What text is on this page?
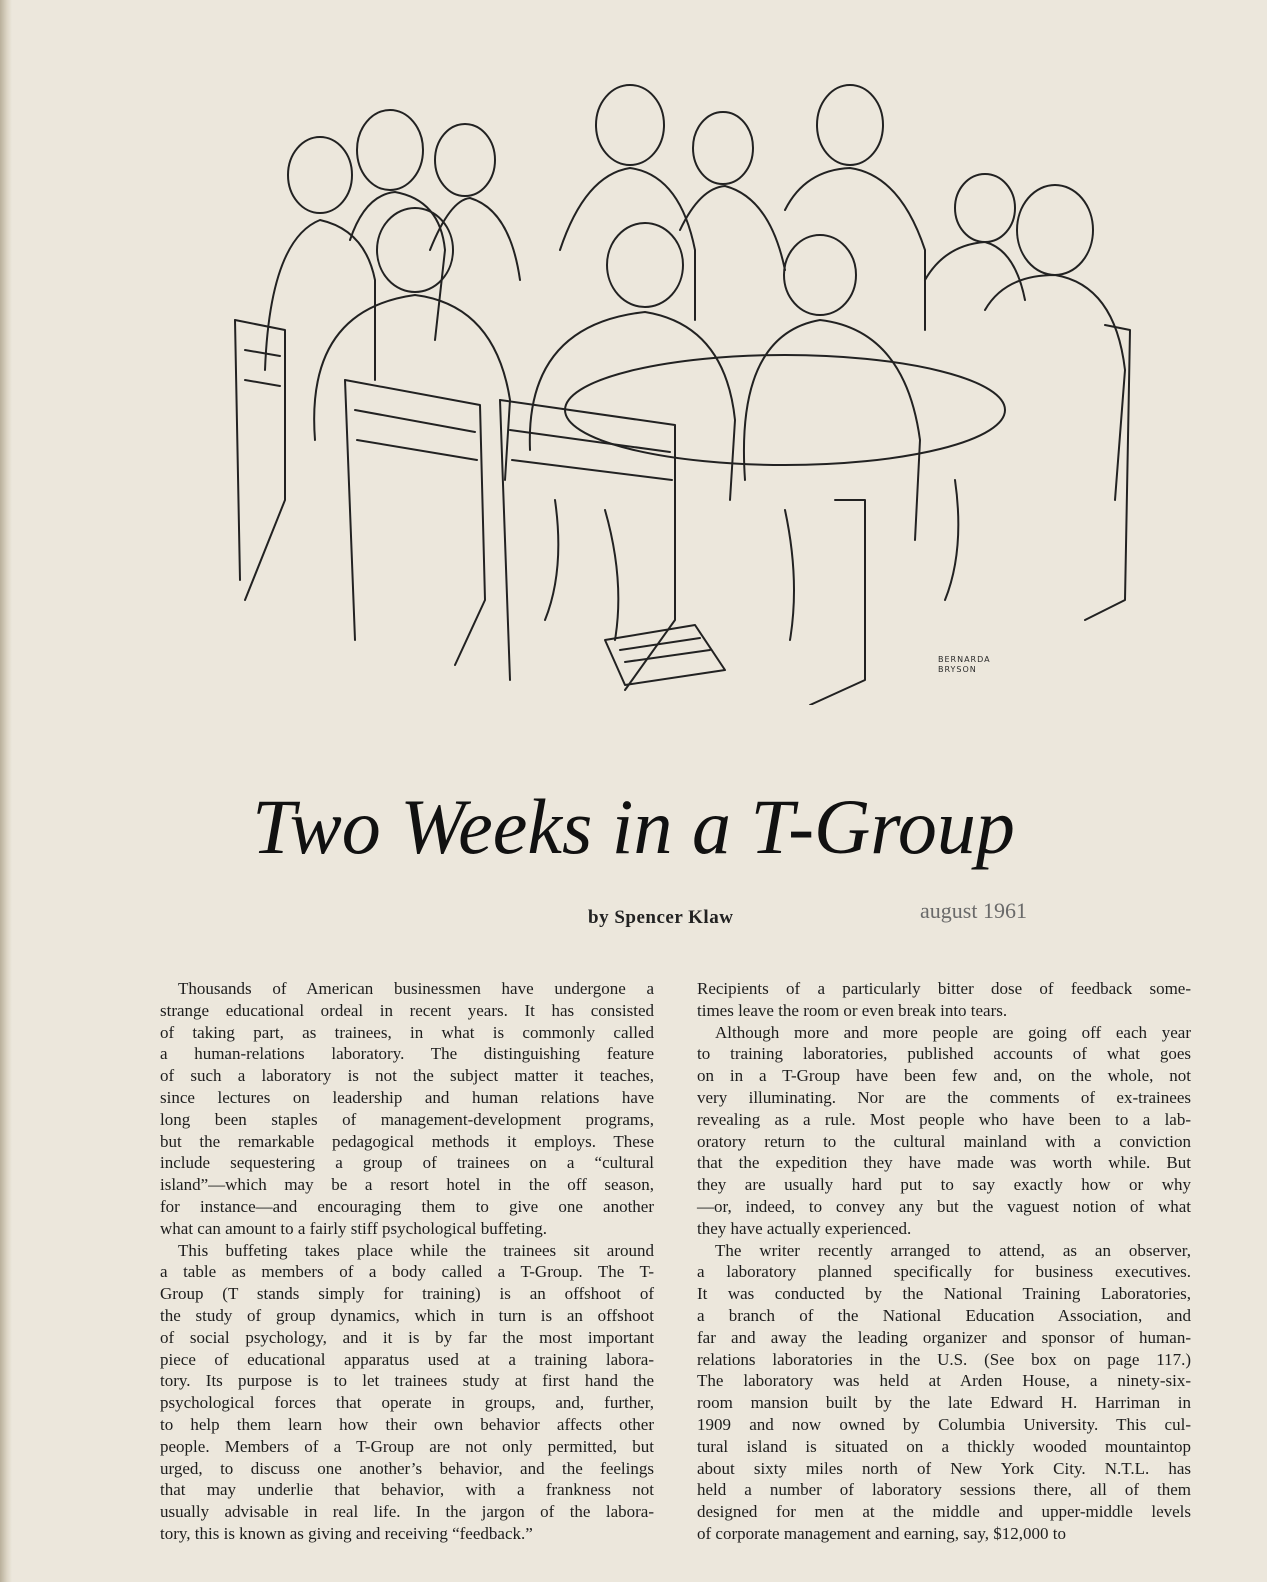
BERNARDA
BRYSON
Two Weeks in a T-Group
by Spencer Klaw	august 1961
Thousands of American businessmen have undergone a
strange educational ordeal in recent years. It has consisted
of taking part, as trainees, in what is commonly called
a human-relations laboratory. The distinguishing feature
of such a laboratory is not the subject matter it teaches,
since lectures on leadership and human relations have
long been staples of management-development programs,
but the remarkable pedagogical methods it employs. These
include sequestering a group of trainees on a “cultural
island”—which may be a resort hotel in the off season,
for instance—and encouraging them to give one another
what can amount to a fairly stiff psychological buffeting.
This buffeting takes place while the trainees sit around
a table as members of a body called a T-Group. The T-
Group (T stands simply for training) is an offshoot of
the study of group dynamics, which in turn is an offshoot
of social psychology, and it is by far the most important
piece of educational apparatus used at a training labora-
tory. Its purpose is to let trainees study at first hand the
psychological forces that operate in groups, and, further,
to help them learn how their own behavior affects other
people. Members of a T-Group are not only permitted, but
urged, to discuss one another’s behavior, and the feelings
that may underlie that behavior, with a frankness not
usually advisable in real life. In the jargon of the labora-
tory, this is known as giving and receiving “feedback.”
Recipients of a particularly bitter dose of feedback some-
times leave the room or even break into tears.
Although more and more people are going off each year
to training laboratories, published accounts of what goes
on in a T-Group have been few and, on the whole, not
very illuminating. Nor are the comments of ex-trainees
revealing as a rule. Most people who have been to a lab-
oratory return to the cultural mainland with a conviction
that the expedition they have made was worth while. But
they are usually hard put to say exactly how or why
—or, indeed, to convey any but the vaguest notion of what
they have actually experienced.
The writer recently arranged to attend, as an observer,
a laboratory planned specifically for business executives.
It was conducted by the National Training Laboratories,
a branch of the National Education Association, and
far and away the leading organizer and sponsor of human-
relations laboratories in the U.S. (See box on page 117.)
The laboratory was held at Arden House, a ninety-six-
room mansion built by the late Edward H. Harriman in
1909 and now owned by Columbia University. This cul-
tural island is situated on a thickly wooded mountaintop
about sixty miles north of New York City. N.T.L. has
held a number of laboratory sessions there, all of them
designed for men at the middle and upper-middle levels
of corporate management and earning, say, $12,000 to
